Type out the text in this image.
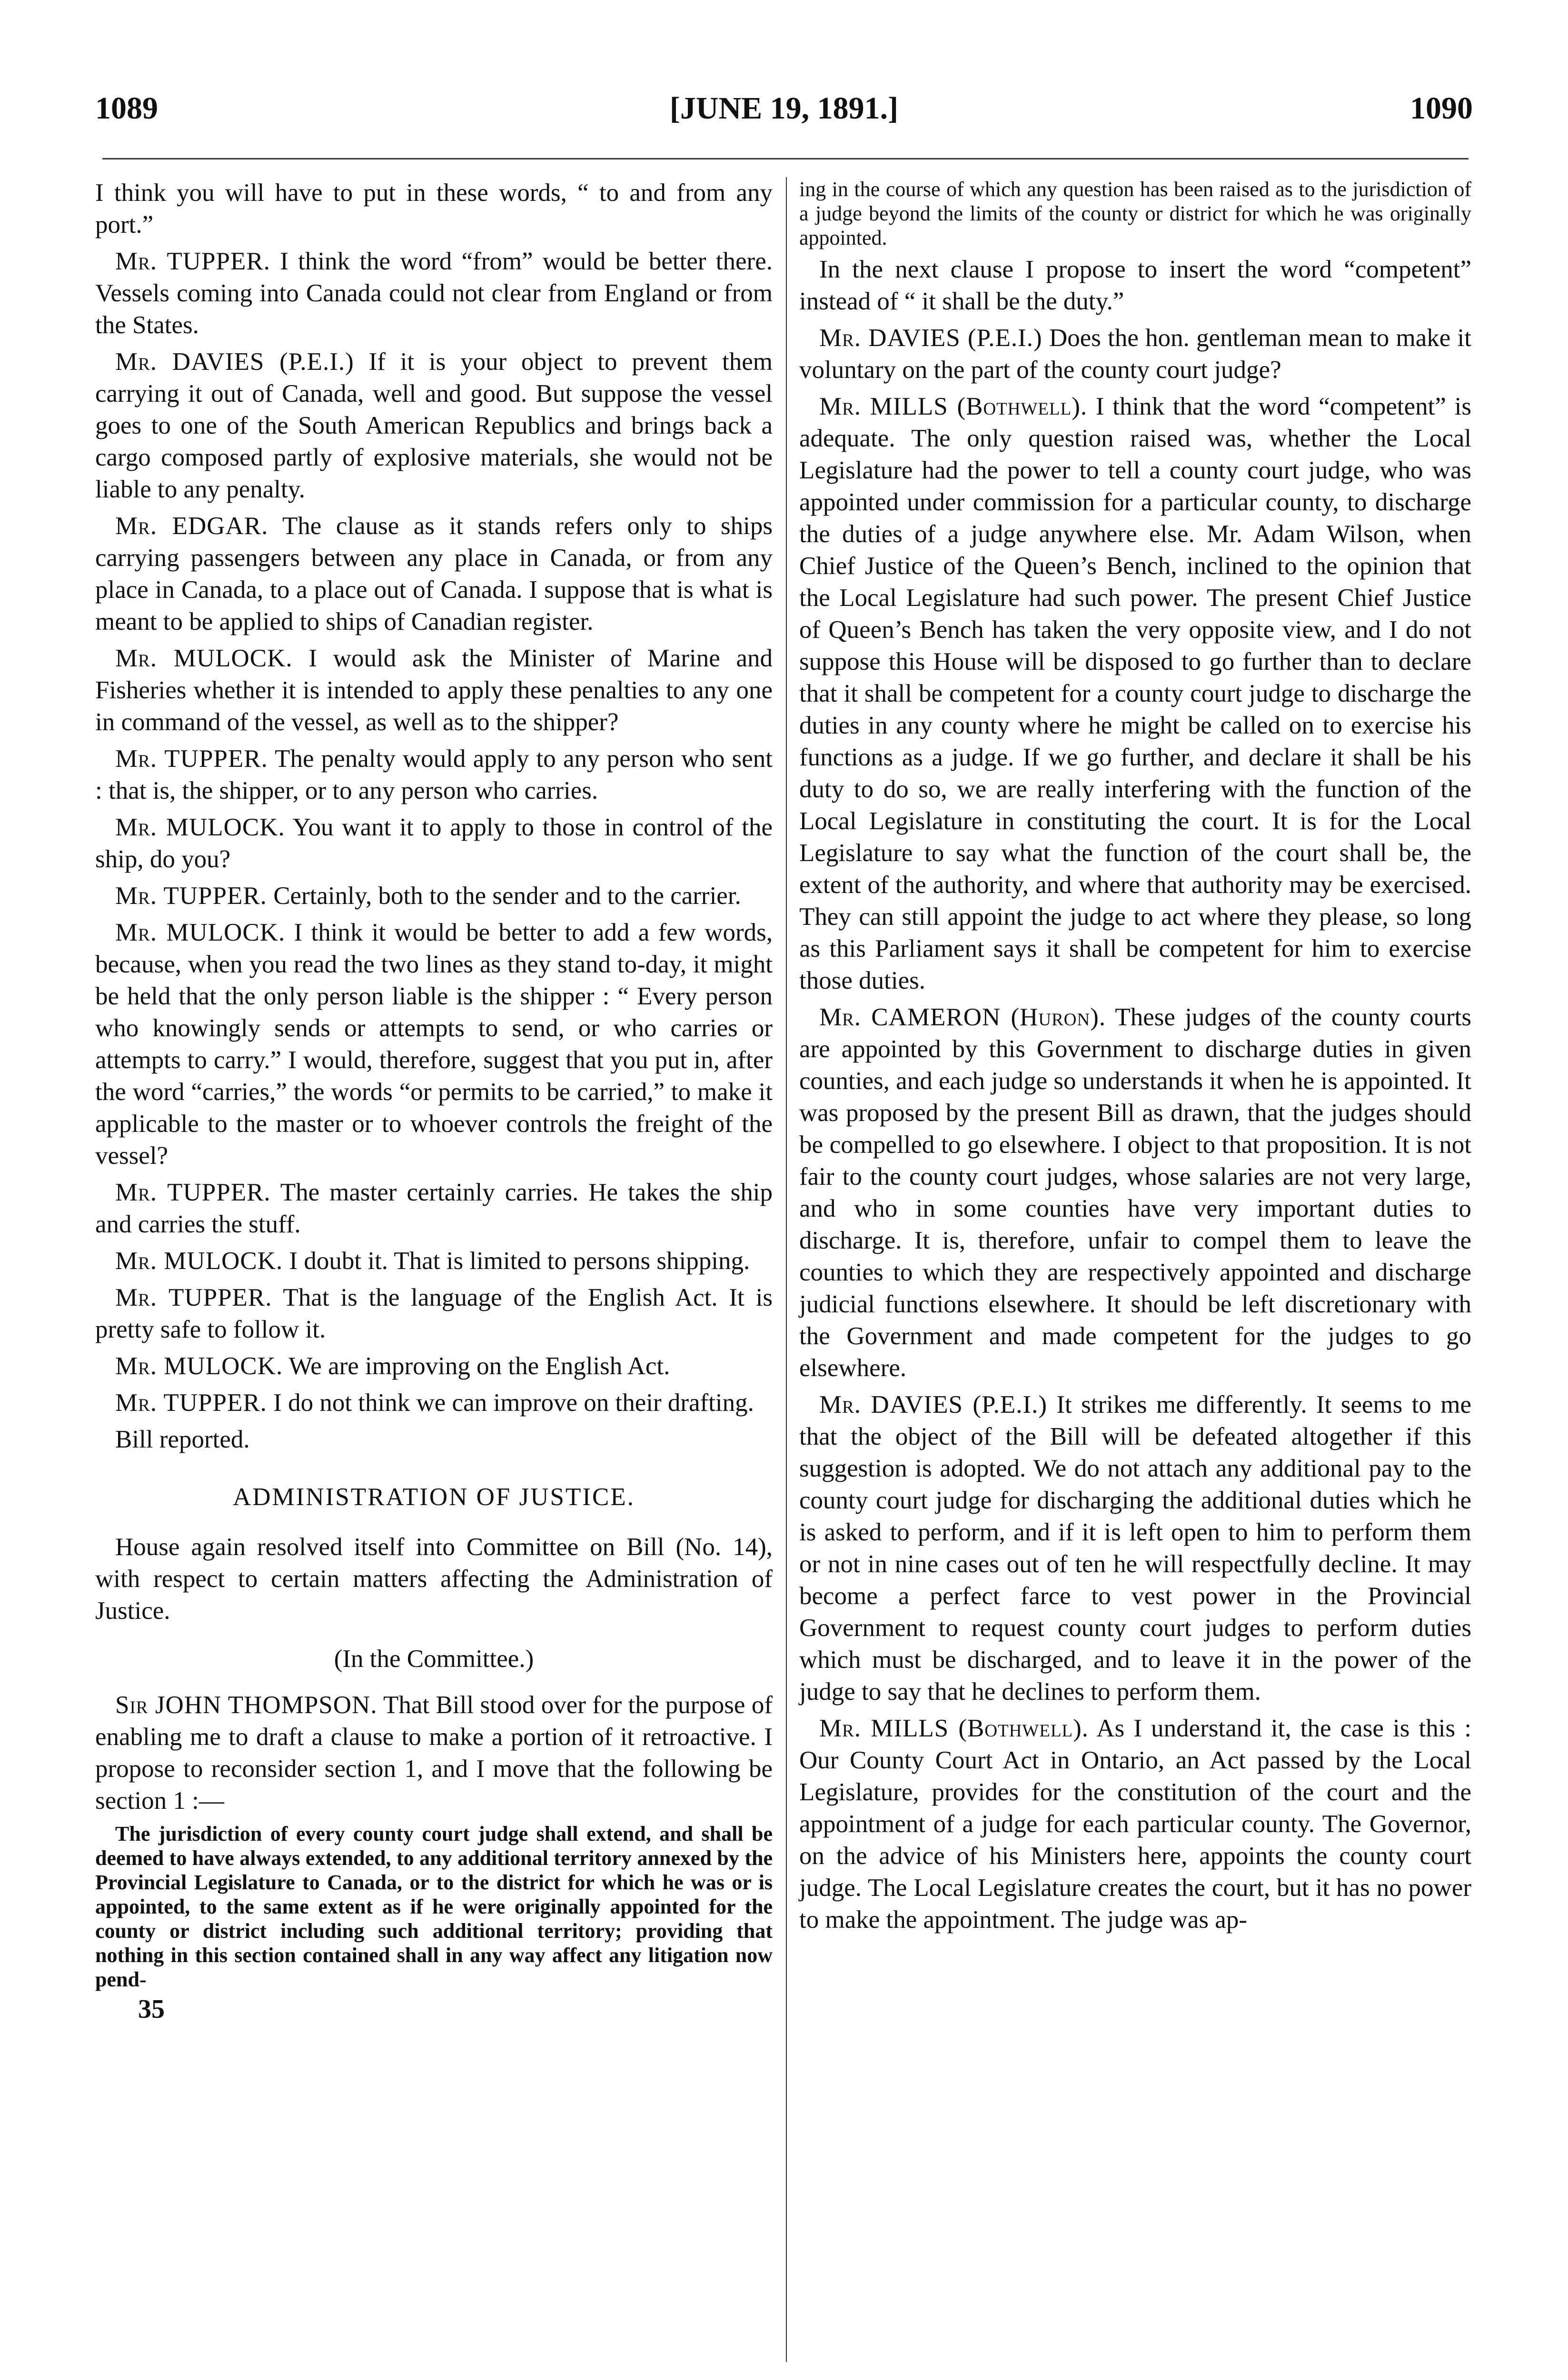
1089	[JUNE 19, 1891.]	1090

I think you will have to put in these words, “ to and from any port.”

Mr. TUPPER. I think the word “from” would be better there. Vessels coming into Canada could not clear from England or from the States.

Mr. DAVIES (P.E.I.) If it is your object to prevent them carrying it out of Canada, well and good. But suppose the vessel goes to one of the South American Republics and brings back a cargo composed partly of explosive materials, she would not be liable to any penalty.

Mr. EDGAR. The clause as it stands refers only to ships carrying passengers between any place in Canada, or from any place in Canada, to a place out of Canada. I suppose that is what is meant to be applied to ships of Canadian register.

Mr. MULOCK. I would ask the Minister of Marine and Fisheries whether it is intended to apply these penalties to any one in command of the vessel, as well as to the shipper?

Mr. TUPPER. The penalty would apply to any person who sent : that is, the shipper, or to any person who carries.

Mr. MULOCK. You want it to apply to those in control of the ship, do you?

Mr. TUPPER. Certainly, both to the sender and to the carrier.

Mr. MULOCK. I think it would be better to add a few words, because, when you read the two lines as they stand to-day, it might be held that the only person liable is the shipper : “ Every person who knowingly sends or attempts to send, or who carries or attempts to carry.” I would, therefore, suggest that you put in, after the word “carries,” the words “or permits to be carried,” to make it applicable to the master or to whoever controls the freight of the vessel?

Mr. TUPPER. The master certainly carries. He takes the ship and carries the stuff.

Mr. MULOCK. I doubt it. That is limited to persons shipping.

Mr. TUPPER. That is the language of the English Act. It is pretty safe to follow it.

Mr. MULOCK. We are improving on the English Act.

Mr. TUPPER. I do not think we can improve on their drafting.

Bill reported.

ADMINISTRATION OF JUSTICE.

House again resolved itself into Committee on Bill (No. 14), with respect to certain matters affecting the Administration of Justice.

(In the Committee.)

Sir JOHN THOMPSON. That Bill stood over for the purpose of enabling me to draft a clause to make a portion of it retroactive. I propose to reconsider section 1, and I move that the following be section 1 :—

The jurisdiction of every county court judge shall extend, and shall be deemed to have always extended, to any additional territory annexed by the Provincial Legislature to Canada, or to the district for which he was or is appointed, to the same extent as if he were originally appointed for the county or district including such additional territory; providing that nothing in this section contained shall in any way affect any litigation now pend-

35

ing in the course of which any question has been raised as to the jurisdiction of a judge beyond the limits of the county or district for which he was originally appointed.

In the next clause I propose to insert the word “competent” instead of “ it shall be the duty.”

Mr. DAVIES (P.E.I.) Does the hon. gentleman mean to make it voluntary on the part of the county court judge?

Mr. MILLS (Bothwell). I think that the word “competent” is adequate. The only question raised was, whether the Local Legislature had the power to tell a county court judge, who was appointed under commission for a particular county, to discharge the duties of a judge anywhere else. Mr. Adam Wilson, when Chief Justice of the Queen’s Bench, inclined to the opinion that the Local Legislature had such power. The present Chief Justice of Queen’s Bench has taken the very opposite view, and I do not suppose this House will be disposed to go further than to declare that it shall be competent for a county court judge to discharge the duties in any county where he might be called on to exercise his functions as a judge. If we go further, and declare it shall be his duty to do so, we are really interfering with the function of the Local Legislature in constituting the court. It is for the Local Legislature to say what the function of the court shall be, the extent of the authority, and where that authority may be exercised. They can still appoint the judge to act where they please, so long as this Parliament says it shall be competent for him to exercise those duties.

Mr. CAMERON (Huron). These judges of the county courts are appointed by this Government to discharge duties in given counties, and each judge so understands it when he is appointed. It was proposed by the present Bill as drawn, that the judges should be compelled to go elsewhere. I object to that proposition. It is not fair to the county court judges, whose salaries are not very large, and who in some counties have very important duties to discharge. It is, therefore, unfair to compel them to leave the counties to which they are respectively appointed and discharge judicial functions elsewhere. It should be left discretionary with the Government and made competent for the judges to go elsewhere.

Mr. DAVIES (P.E.I.) It strikes me differently. It seems to me that the object of the Bill will be defeated altogether if this suggestion is adopted. We do not attach any additional pay to the county court judge for discharging the additional duties which he is asked to perform, and if it is left open to him to perform them or not in nine cases out of ten he will respectfully decline. It may become a perfect farce to vest power in the Provincial Government to request county court judges to perform duties which must be discharged, and to leave it in the power of the judge to say that he declines to perform them.

Mr. MILLS (Bothwell). As I understand it, the case is this : Our County Court Act in Ontario, an Act passed by the Local Legislature, provides for the constitution of the court and the appointment of a judge for each particular county. The Governor, on the advice of his Ministers here, appoints the county court judge. The Local Legislature creates the court, but it has no power to make the appointment. The judge was ap-
